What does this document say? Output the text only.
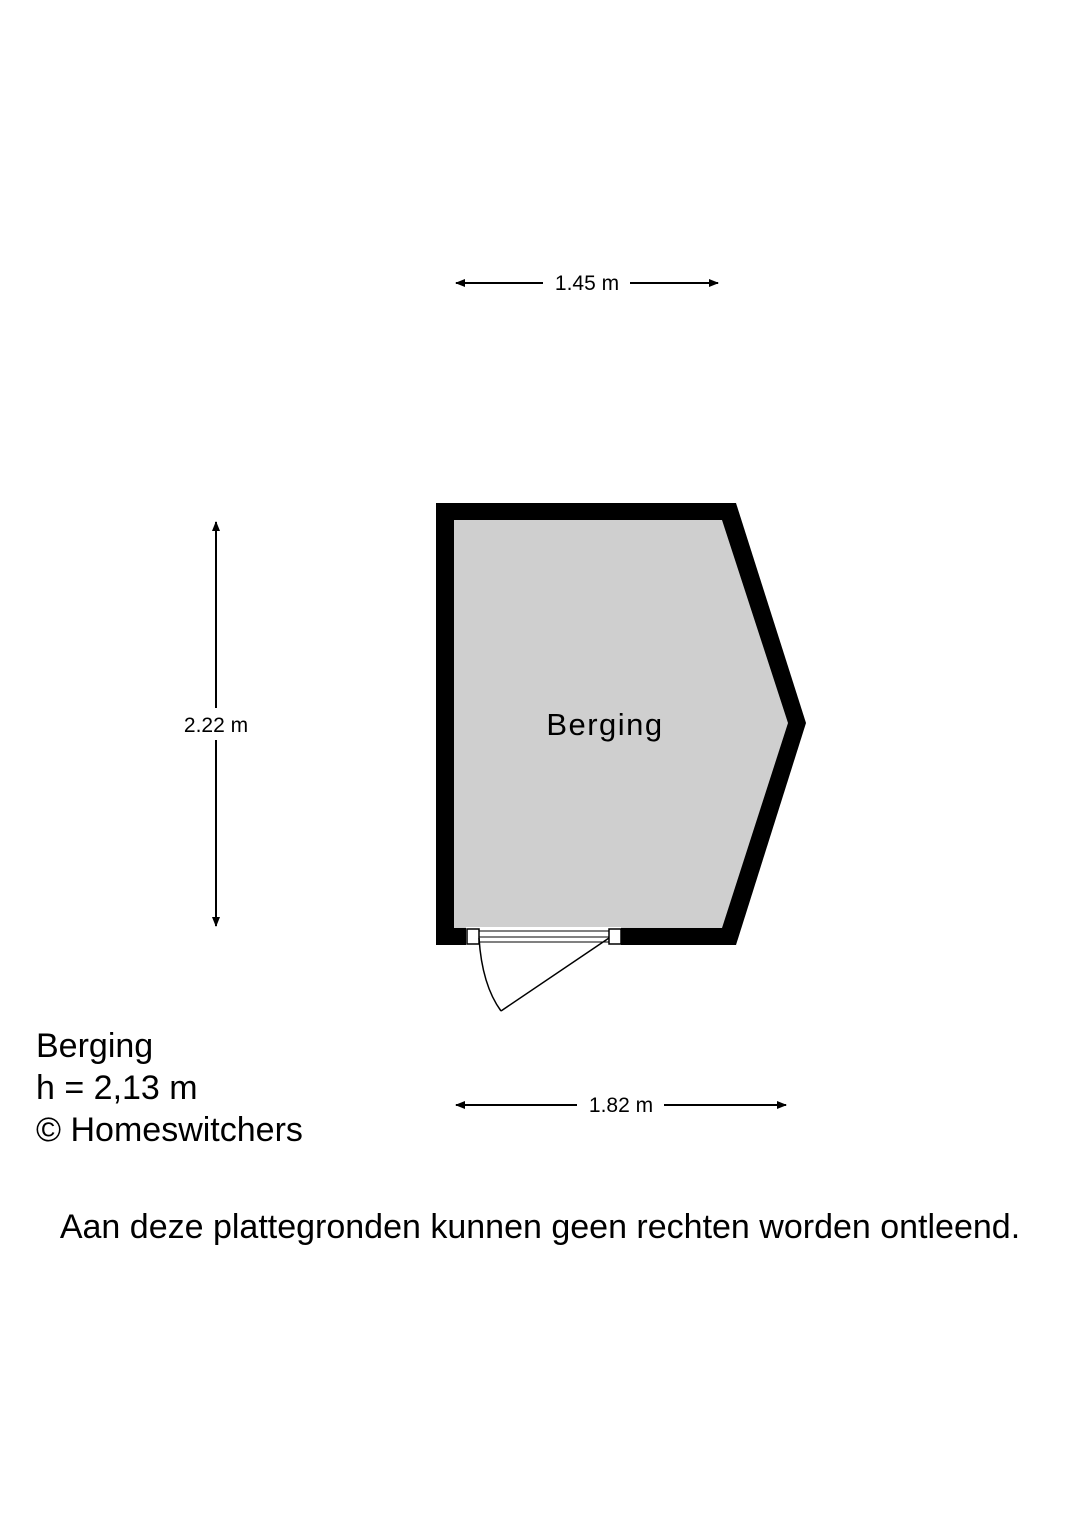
1.45 m
2.22 m
1.82 m
Berging
Berging
h = 2,13 m
© Homeswitchers
Aan deze plattegronden kunnen geen rechten worden ontleend.
